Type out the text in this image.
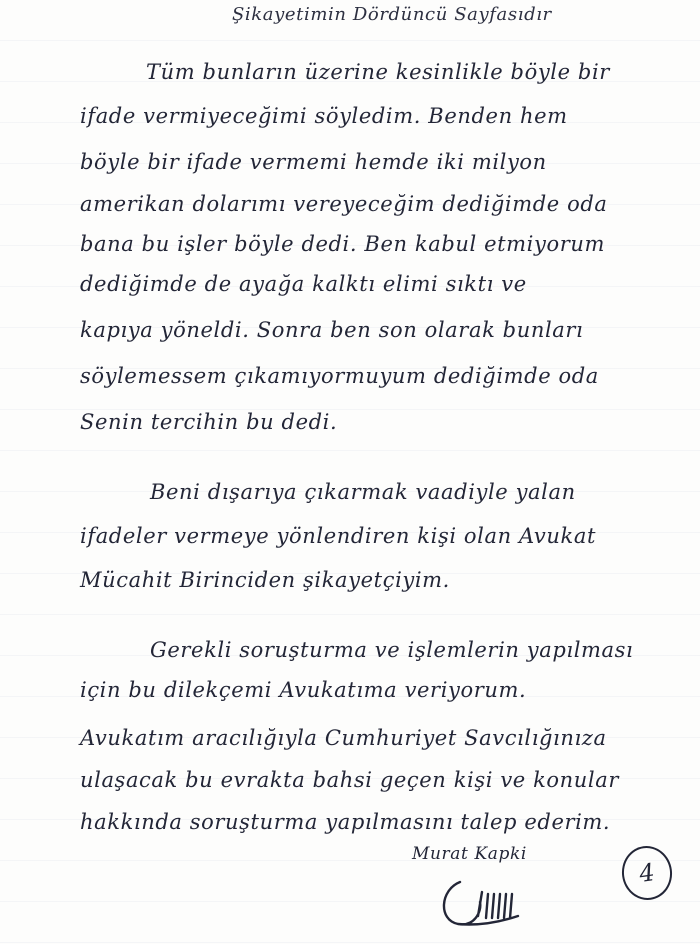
Şikayetimin Dördüncü Sayfasıdır
Tüm bunların üzerine kesinlikle böyle bir
ifade vermiyeceğimi söyledim. Benden hem
böyle bir ifade vermemi hemde iki milyon
amerikan dolarımı vereyeceğim dediğimde oda
bana bu işler böyle dedi. Ben kabul etmiyorum
dediğimde de ayağa kalktı elimi sıktı ve
kapıya yöneldi. Sonra ben son olarak bunları
söylemessem çıkamıyormuyum dediğimde oda
Senin tercihin bu dedi.
Beni dışarıya çıkarmak vaadiyle yalan
ifadeler vermeye yönlendiren kişi olan Avukat
Mücahit Birinciden şikayetçiyim.
Gerekli soruşturma ve işlemlerin yapılması
için bu dilekçemi Avukatıma veriyorum.
Avukatım aracılığıyla Cumhuriyet Savcılığınıza
ulaşacak bu evrakta bahsi geçen kişi ve konular
hakkında soruşturma yapılmasını talep ederim.
Murat Kapki
4
